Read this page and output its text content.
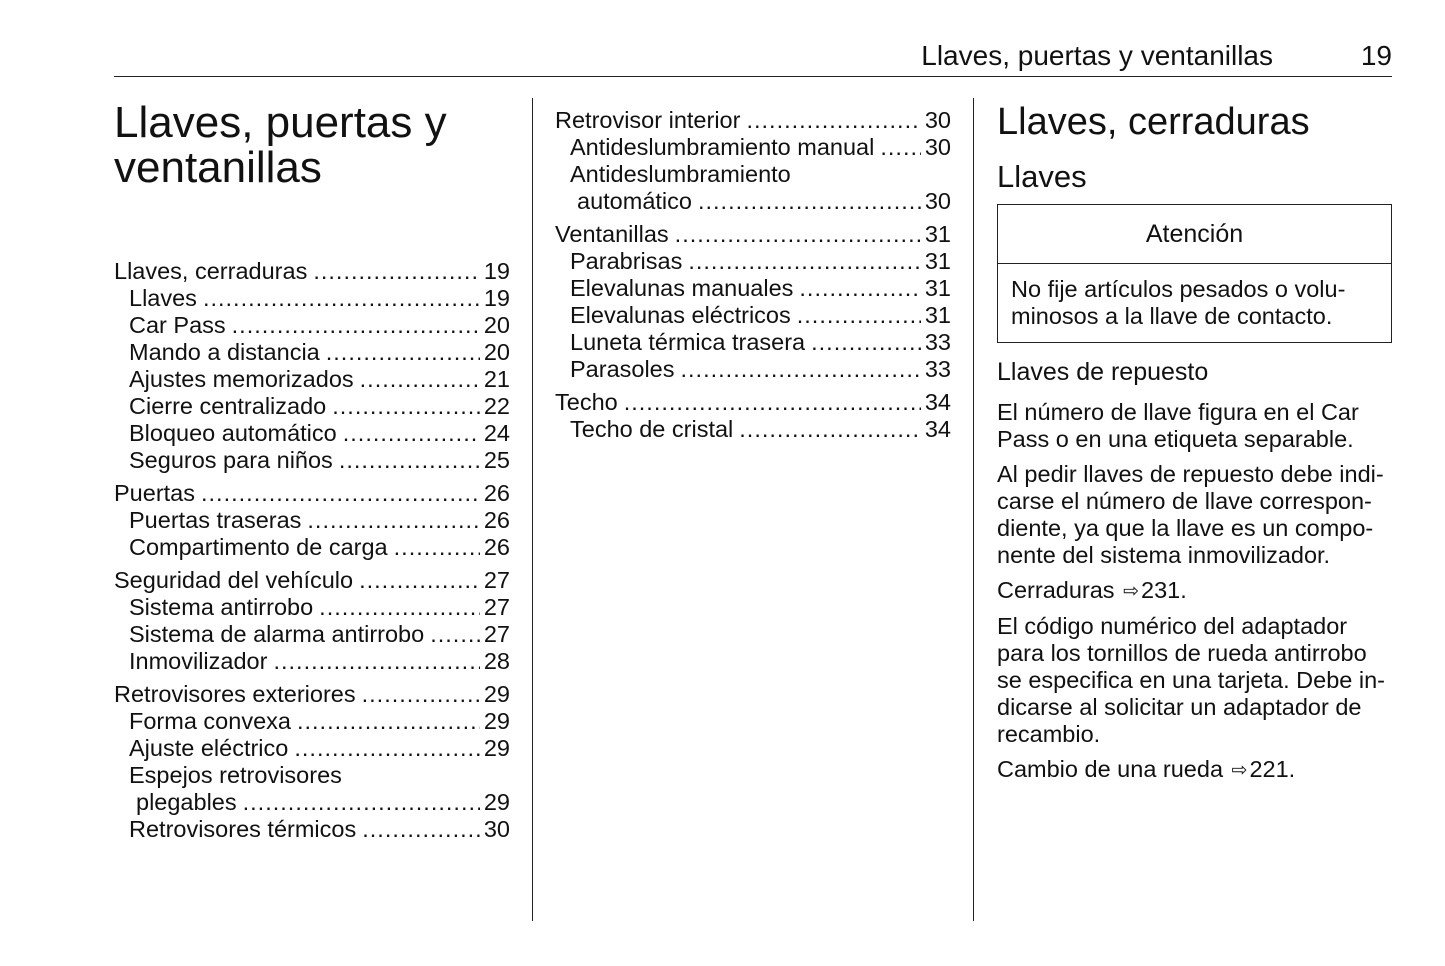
Llaves, puertas y ventanillas	19
Llaves, puertas y
ventanillas
Llaves, cerraduras .....	19
Llaves .....	19
Car Pass .....	20
Mando a distancia .....	20
Ajustes memorizados .....	21
Cierre centralizado .....	22
Bloqueo automático .....	24
Seguros para niños .....	25
Puertas .....	26
Puertas traseras .....	26
Compartimento de carga .....	26
Seguridad del vehículo .....	27
Sistema antirrobo .....	27
Sistema de alarma antirrobo .....	27
Inmovilizador .....	28
Retrovisores exteriores .....	29
Forma convexa .....	29
Ajuste eléctrico .....	29
Espejos retrovisores
plegables .....	29
Retrovisores térmicos .....	30
Retrovisor interior .....	30
Antideslumbramiento manual ..... 30
Antideslumbramiento
automático .....	30
Ventanillas .....	31
Parabrisas .....	31
Elevalunas manuales .....	31
Elevalunas eléctricos .....	31
Luneta térmica trasera .....	33
Parasoles .....	33
Techo .....	34
Techo de cristal .....	34
Llaves, cerraduras
Llaves
Atención
No fije artículos pesados o volu-
minosos a la llave de contacto.
Llaves de repuesto

El número de llave figura en el Car
Pass o en una etiqueta separable.

Al pedir llaves de repuesto debe indi-
carse el número de llave correspon-
diente, ya que la llave es un compo-
nente del sistema inmovilizador.

Cerraduras ⇨231.

El código numérico del adaptador
para los tornillos de rueda antirrobo
se especifica en una tarjeta. Debe in-
dicarse al solicitar un adaptador de
recambio.

Cambio de una rueda ⇨221.
